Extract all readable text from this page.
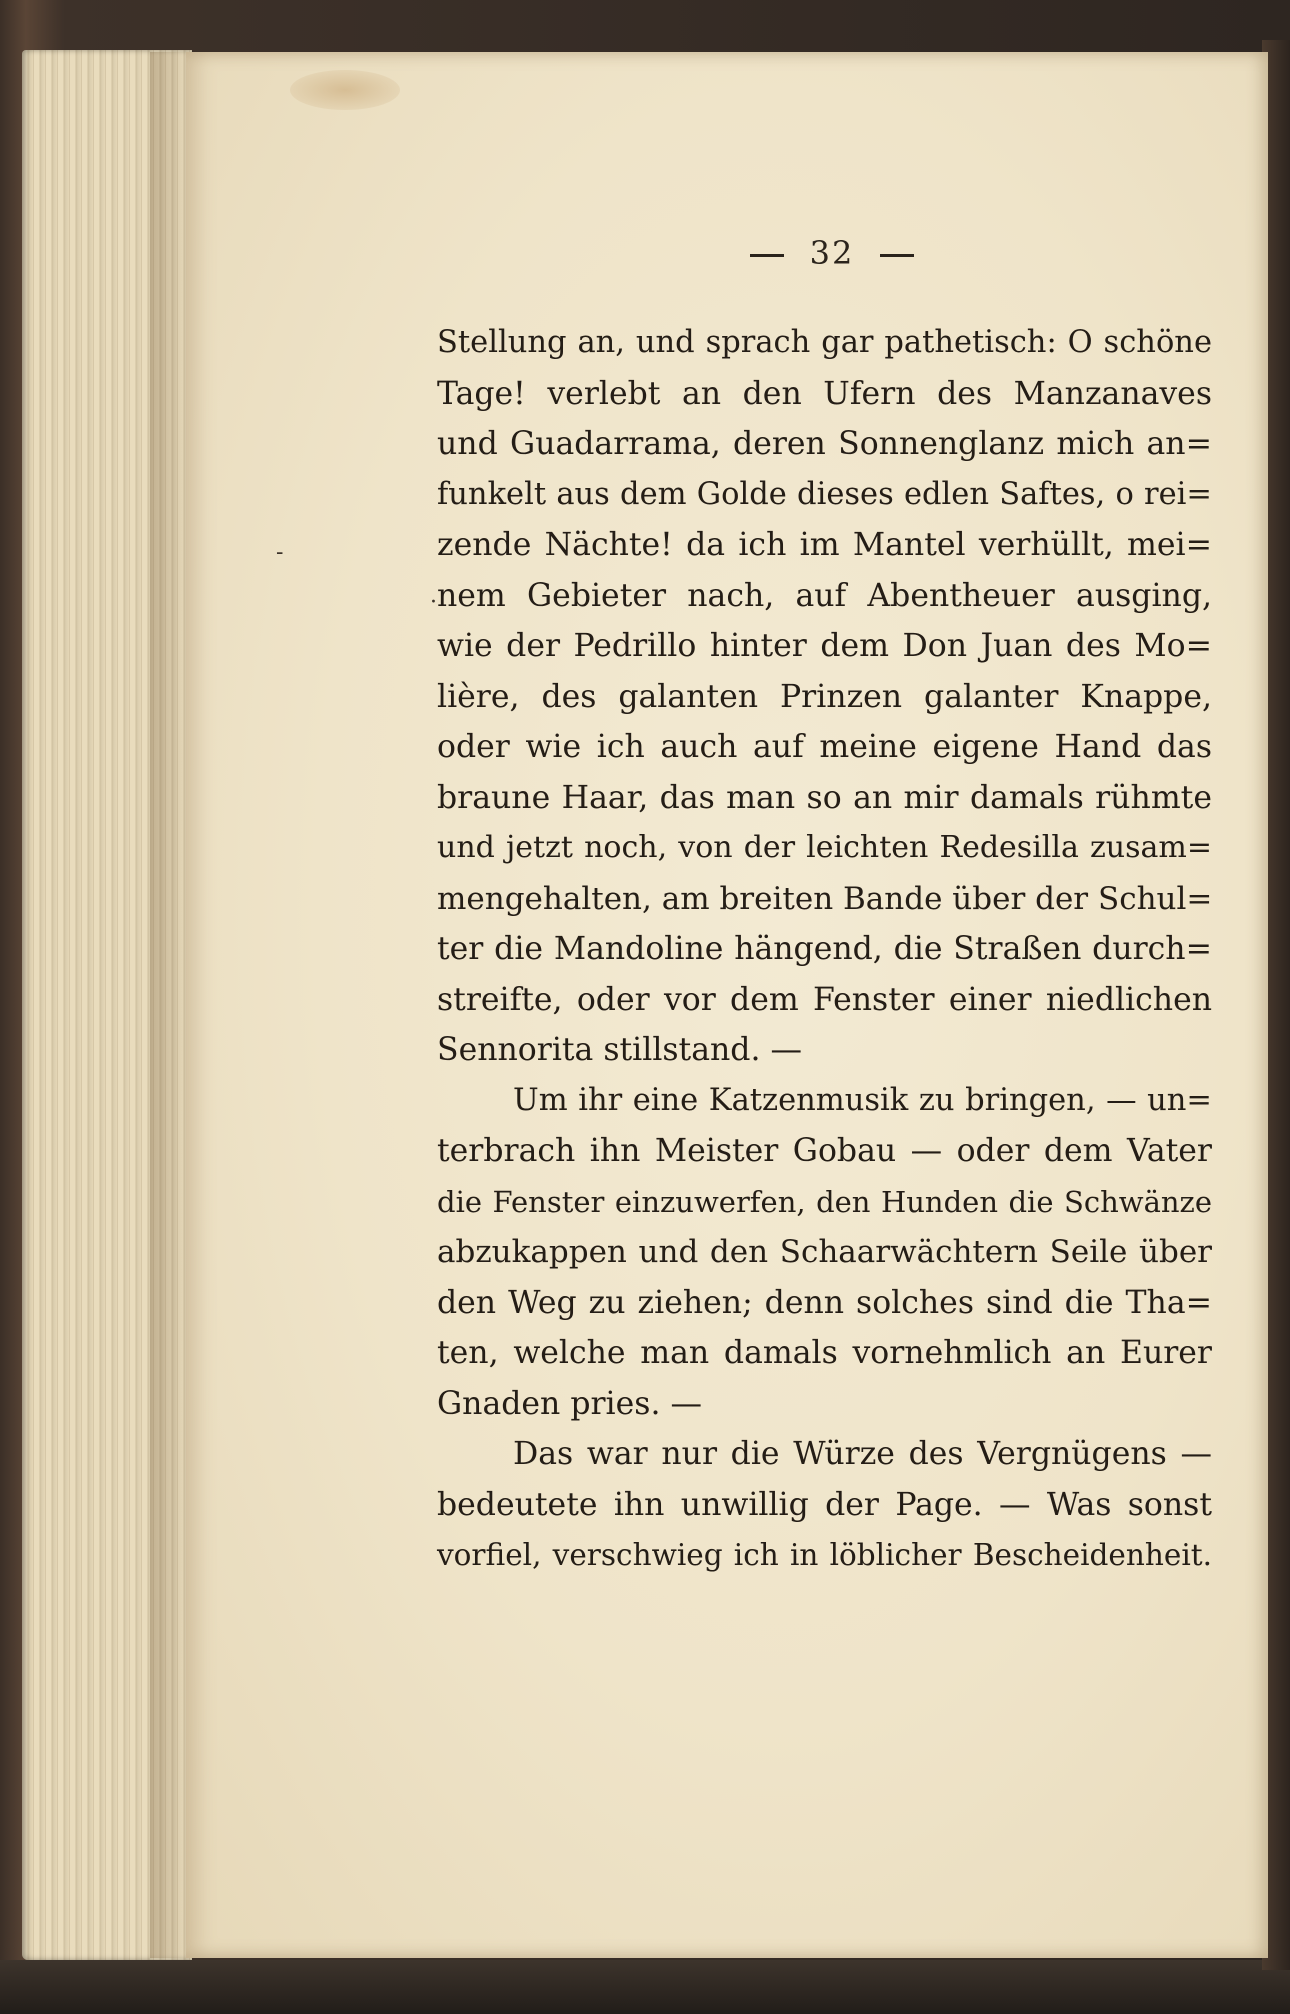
32
-
·
Stellung an, und sprach gar pathetisch: O schöne
Tage! verlebt an den Ufern des Manzanaves
und Guadarrama, deren Sonnenglanz mich an=
funkelt aus dem Golde dieses edlen Saftes, o rei=
zende Nächte! da ich im Mantel verhüllt, mei=
nem Gebieter nach, auf Abentheuer ausging,
wie der Pedrillo hinter dem Don Juan des Mo=
lière, des galanten Prinzen galanter Knappe,
oder wie ich auch auf meine eigene Hand das
braune Haar, das man so an mir damals rühmte
und jetzt noch, von der leichten Redesilla zusam=
mengehalten, am breiten Bande über der Schul=
ter die Mandoline hängend, die Straßen durch=
streifte, oder vor dem Fenster einer niedlichen
Sennorita stillstand. —
Um ihr eine Katzenmusik zu bringen, — un=
terbrach ihn Meister Gobau — oder dem Vater
die Fenster einzuwerfen, den Hunden die Schwänze
abzukappen und den Schaarwächtern Seile über
den Weg zu ziehen; denn solches sind die Tha=
ten, welche man damals vornehmlich an Eurer
Gnaden pries. —
Das war nur die Würze des Vergnügens —
bedeutete ihn unwillig der Page. — Was sonst
vorfiel, verschwieg ich in löblicher Bescheidenheit.
